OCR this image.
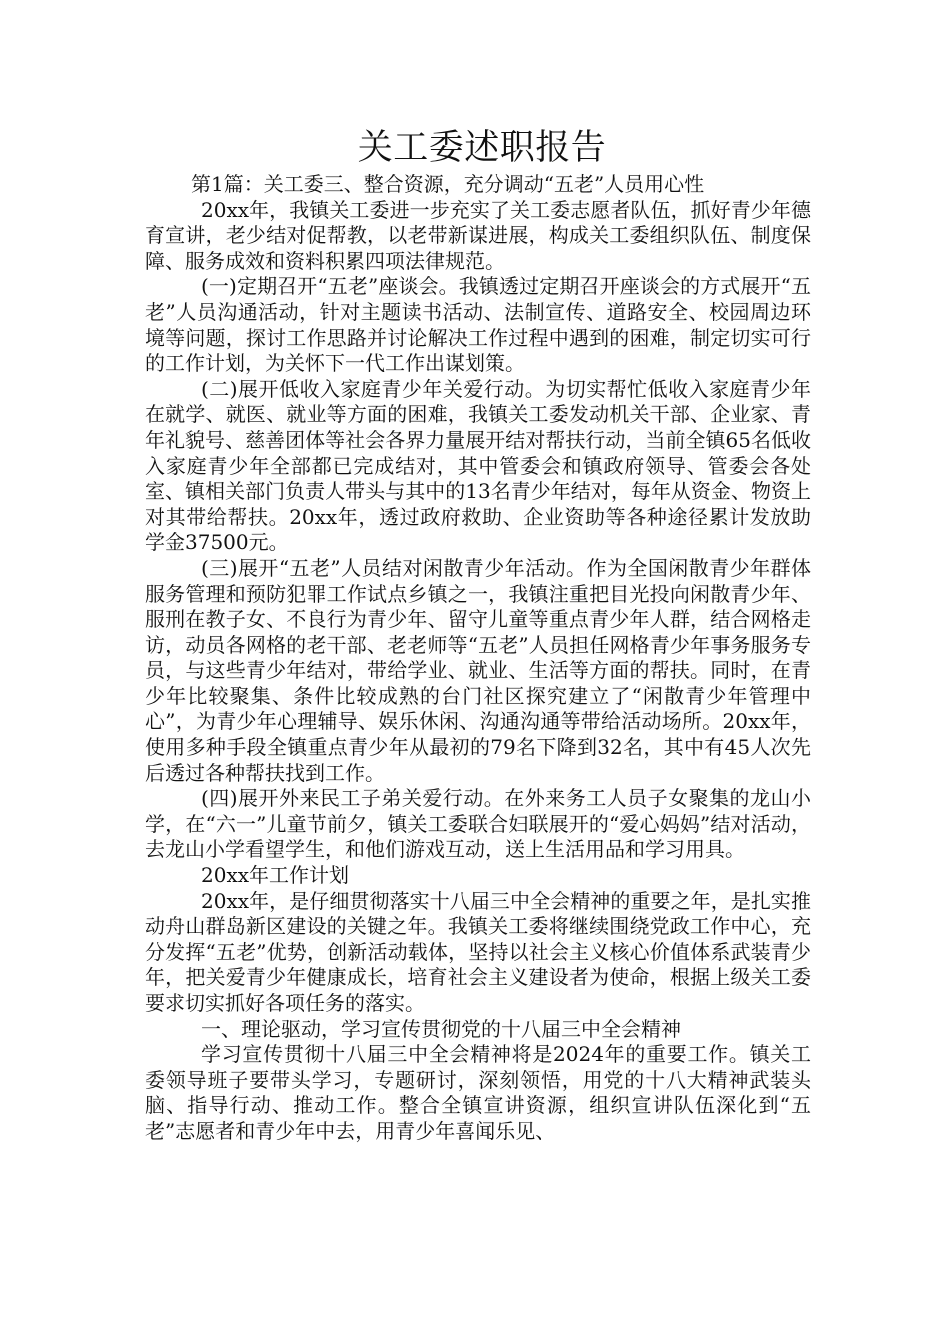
关工委述职报告

第1篇：关工委三、整合资源，充分调动“五老”人员用心性

20xx年，我镇关工委进一步充实了关工委志愿者队伍，抓好青少年德育宣讲，老少结对促帮教，以老带新谋进展，构成关工委组织队伍、制度保障、服务成效和资料积累四项法律规范。

(一)定期召开“五老”座谈会。我镇透过定期召开座谈会的方式展开“五老”人员沟通活动，针对主题读书活动、法制宣传、道路安全、校园周边环境等问题，探讨工作思路并讨论解决工作过程中遇到的困难，制定切实可行的工作计划，为关怀下一代工作出谋划策。

(二)展开低收入家庭青少年关爱行动。为切实帮忙低收入家庭青少年在就学、就医、就业等方面的困难，我镇关工委发动机关干部、企业家、青年礼貌号、慈善团体等社会各界力量展开结对帮扶行动，当前全镇65名低收入家庭青少年全部都已完成结对，其中管委会和镇政府领导、管委会各处室、镇相关部门负责人带头与其中的13名青少年结对，每年从资金、物资上对其带给帮扶。20xx年，透过政府救助、企业资助等各种途径累计发放助学金37500元。

(三)展开“五老”人员结对闲散青少年活动。作为全国闲散青少年群体服务管理和预防犯罪工作试点乡镇之一，我镇注重把目光投向闲散青少年、服刑在教子女、不良行为青少年、留守儿童等重点青少年人群，结合网格走访，动员各网格的老干部、老老师等“五老”人员担任网格青少年事务服务专员，与这些青少年结对，带给学业、就业、生活等方面的帮扶。同时，在青少年比较聚集、条件比较成熟的台门社区探究建立了“闲散青少年管理中心”，为青少年心理辅导、娱乐休闲、沟通沟通等带给活动场所。20xx年，使用多种手段全镇重点青少年从最初的79名下降到32名，其中有45人次先后透过各种帮扶找到工作。

(四)展开外来民工子弟关爱行动。在外来务工人员子女聚集的龙山小学，在“六一”儿童节前夕，镇关工委联合妇联展开的“爱心妈妈”结对活动，去龙山小学看望学生，和他们游戏互动，送上生活用品和学习用具。

20xx年工作计划

20xx年，是仔细贯彻落实十八届三中全会精神的重要之年，是扎实推动舟山群岛新区建设的关键之年。我镇关工委将继续围绕党政工作中心，充分发挥“五老”优势，创新活动载体，坚持以社会主义核心价值体系武装青少年，把关爱青少年健康成长，培育社会主义建设者为使命，根据上级关工委要求切实抓好各项任务的落实。

一、理论驱动，学习宣传贯彻党的十八届三中全会精神

学习宣传贯彻十八届三中全会精神将是2024年的重要工作。镇关工委领导班子要带头学习，专题研讨，深刻领悟，用党的十八大精神武装头脑、指导行动、推动工作。整合全镇宣讲资源，组织宣讲队伍深化到“五老”志愿者和青少年中去，用青少年喜闻乐见、
